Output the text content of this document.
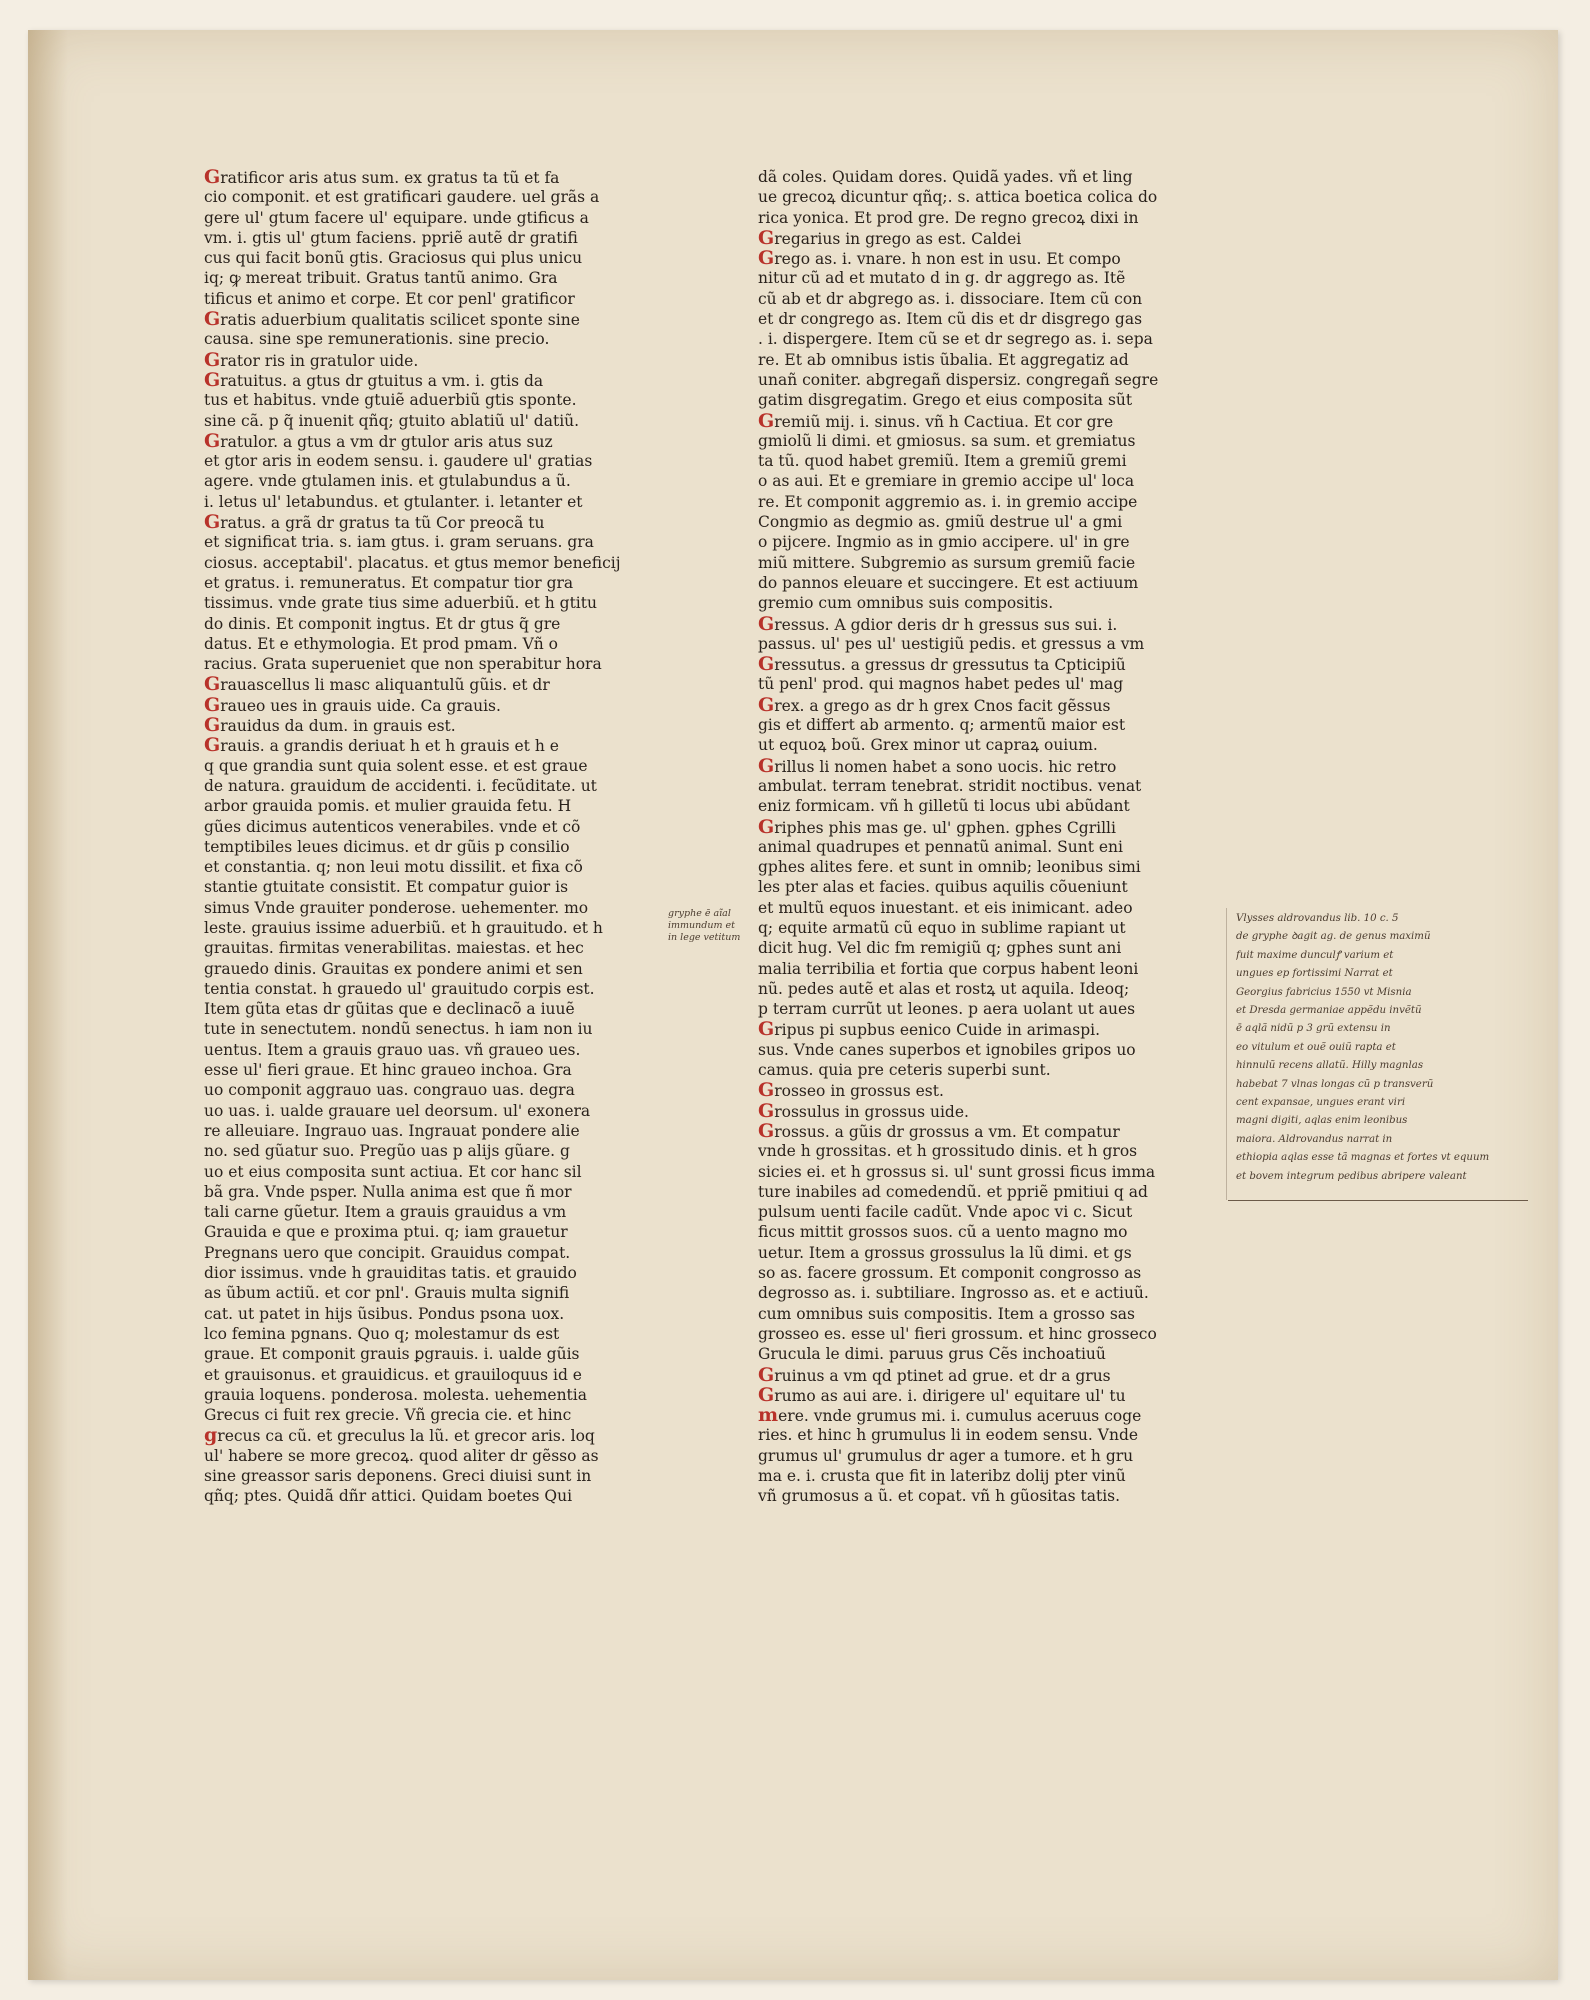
Gratificor aris atus sum. ex gratus ta tũ et fa
cio componit. et est gratificari gaudere. uel grãs a
gere ul' gtum facere ul' equipare. unde gtificus a
vm. i. gtis ul' gtum faciens. ppriẽ autẽ dr gratifi
cus qui facit bonũ gtis. Graciosus qui plus unicu
iq; ꝙ mereat tribuit. Gratus tantũ animo. Gra
tificus et animo et corpe. Et cor penl' gratificor
Gratis aduerbium qualitatis scilicet sponte sine
causa. sine spe remunerationis. sine precio.
Grator ris in gratulor uide.
Gratuitus. a gtus dr gtuitus a vm. i. gtis da
tus et habitus. vnde gtuiẽ aduerbiũ gtis sponte.
sine cã. p q̃ inuenit qñq; gtuito ablatiũ ul' datiũ.
Gratulor. a gtus a vm dr gtulor aris atus suz
et gtor aris in eodem sensu. i. gaudere ul' gratias
agere. vnde gtulamen inis. et gtulabundus a ũ.
i. letus ul' letabundus. et gtulanter. i. letanter et
Gratus. a grã dr gratus ta tũ Cor preocã tu
et significat tria. s. iam gtus. i. gram seruans. gra
ciosus. acceptabil'. placatus. et gtus memor beneficij
et gratus. i. remuneratus. Et compatur tior gra
tissimus. vnde grate tius sime aduerbiũ. et h gtitu
do dinis. Et componit ingtus. Et dr gtus q̃ gre
datus. Et e ethymologia. Et prod pmam. Vñ o
racius. Grata superueniet que non sperabitur hora
Grauascellus li masc aliquantulũ gũis. et dr
Graueo ues in grauis uide. Ca grauis.
Grauidus da dum. in grauis est.
Grauis. a grandis deriuat h et h grauis et h e
q que grandia sunt quia solent esse. et est graue
de natura. grauidum de accidenti. i. fecũditate. ut
arbor grauida pomis. et mulier grauida fetu. H
gũes dicimus autenticos venerabiles. vnde et cõ
temptibiles leues dicimus. et dr gũis p consilio
et constantia. q; non leui motu dissilit. et fixa cõ
stantie gtuitate consistit. Et compatur guior is
simus Vnde grauiter ponderose. uehementer. mo
leste. grauius issime aduerbiũ. et h grauitudo. et h
grauitas. firmitas venerabilitas. maiestas. et hec
grauedo dinis. Grauitas ex pondere animi et sen
tentia constat. h grauedo ul' grauitudo corpis est.
Item gũta etas dr gũitas que e declinacõ a iuuẽ
tute in senectutem. nondũ senectus. h iam non iu
uentus. Item a grauis grauo uas. vñ graueo ues.
esse ul' fieri graue. Et hinc graueo inchoa. Gra
uo componit aggrauo uas. congrauo uas. degra
uo uas. i. ualde grauare uel deorsum. ul' exonera
re alleuiare. Ingrauo uas. Ingrauat pondere alie
no. sed gũatur suo. Pregũo uas p alijs gũare. g
uo et eius composita sunt actiua. Et cor hanc sil
bã gra. Vnde psper. Nulla anima est que ñ mor
tali carne gũetur. Item a grauis grauidus a vm
Grauida e que e proxima ptui. q; iam grauetur
Pregnans uero que concipit. Grauidus compat.
dior issimus. vnde h grauiditas tatis. et grauido
as ũbum actiũ. et cor pnl'. Grauis multa signifi
cat. ut patet in hijs ũsibus. Pondus psona uox.
lco femina pgnans. Quo q; molestamur ds est
graue. Et componit grauis ꝑgrauis. i. ualde gũis
et grauisonus. et grauidicus. et grauiloquus id e
grauia loquens. ponderosa. molesta. uehementia
Grecus ci fuit rex grecie. Vñ grecia cie. et hinc
grecus ca cũ. et greculus la lũ. et grecor aris. loq
ul' habere se more grecoꝝ. quod aliter dr gẽsso as
sine greassor saris deponens. Greci diuisi sunt in
qñq; ptes. Quidã dñr attici. Quidam boetes Qui
dã coles. Quidam dores. Quidã yades. vñ et ling
ue grecoꝝ dicuntur qñq;. s. attica boetica colica do
rica yonica. Et prod gre. De regno grecoꝝ dixi in
Gregarius in grego as est. Caldei
Grego as. i. vnare. h non est in usu. Et compo
nitur cũ ad et mutato d in g. dr aggrego as. Itẽ
cũ ab et dr abgrego as. i. dissociare. Item cũ con
et dr congrego as. Item cũ dis et dr disgrego gas
. i. dispergere. Item cũ se et dr segrego as. i. sepa
re. Et ab omnibus istis ũbalia. Et aggregatiz ad
unañ coniter. abgregañ dispersiz. congregañ segre
gatim disgregatim. Grego et eius composita sũt
Gremiũ mij. i. sinus. vñ h Cactiua. Et cor gre
gmiolũ li dimi. et gmiosus. sa sum. et gremiatus
ta tũ. quod habet gremiũ. Item a gremiũ gremi
o as aui. Et e gremiare in gremio accipe ul' loca
re. Et componit aggremio as. i. in gremio accipe
Congmio as degmio as. gmiũ destrue ul' a gmi
o pijcere. Ingmio as in gmio accipere. ul' in gre
miũ mittere. Subgremio as sursum gremiũ facie
do pannos eleuare et succingere. Et est actiuum
gremio cum omnibus suis compositis.
Gressus. A gdior deris dr h gressus sus sui. i.
passus. ul' pes ul' uestigiũ pedis. et gressus a vm
Gressutus. a gressus dr gressutus ta Cpticipiũ
tũ penl' prod. qui magnos habet pedes ul' mag
Grex. a grego as dr h grex Cnos facit gẽssus
gis et differt ab armento. q; armentũ maior est
ut equoꝝ boũ. Grex minor ut capraꝝ ouium.
Grillus li nomen habet a sono uocis. hic retro
ambulat. terram tenebrat. stridit noctibus. venat
eniz formicam. vñ h gilletũ ti locus ubi abũdant
Griphes phis mas ge. ul' gphen. gphes Cgrilli
animal quadrupes et pennatũ animal. Sunt eni
gphes alites fere. et sunt in omnib; leonibus simi
les pter alas et facies. quibus aquilis cõueniunt
et multũ equos inuestant. et eis inimicant. adeo
q; equite armatũ cũ equo in sublime rapiant ut
dicit hug. Vel dic fm remigiũ q; gphes sunt ani
malia terribilia et fortia que corpus habent leoni
nũ. pedes autẽ et alas et rostꝝ ut aquila. Ideoq;
p terram currũt ut leones. p aera uolant ut aues
Gripus pi supbus eenico Cuide in arimaspi.
sus. Vnde canes superbos et ignobiles gripos uo
camus. quia pre ceteris superbi sunt.
Grosseo in grossus est.
Grossulus in grossus uide.
Grossus. a gũis dr grossus a vm. Et compatur
vnde h grossitas. et h grossitudo dinis. et h gros
sicies ei. et h grossus si. ul' sunt grossi ficus imma
ture inabiles ad comedendũ. et ppriẽ pmitiui q ad
pulsum uenti facile cadũt. Vnde apoc vi c. Sicut
ficus mittit grossos suos. cũ a uento magno mo
uetur. Item a grossus grossulus la lũ dimi. et gs
so as. facere grossum. Et componit congrosso as
degrosso as. i. subtiliare. Ingrosso as. et e actiuũ.
cum omnibus suis compositis. Item a grosso sas
grosseo es. esse ul' fieri grossum. et hinc grosseco
Grucula le dimi. paruus grus Cẽs inchoatiuũ
Gruinus a vm qd ptinet ad grue. et dr a grus
Grumo as aui are. i. dirigere ul' equitare ul' tu
mere. vnde grumus mi. i. cumulus aceruus coge
ries. et hinc h grumulus li in eodem sensu. Vnde
grumus ul' grumulus dr ager a tumore. et h gru
ma e. i. crusta que fit in lateribz dolij pter vinũ
vñ grumosus a ũ. et copat. vñ h gũositas tatis.
gryphe ē aĩal
immundum et
in lege vetitum
Vlysses aldrovandus lib. 10 c. 5
de gryphe ꝺagit ag. de genus maximũ
fuit maxime dunculꝭ varium et
ungues ep fortissimi Narrat et
Georgius fabricius 1550 vt Misnia
et Dresda germaniae appẽdu invẽtũ
ē aqlã nidũ p 3 grũ extensu in
eo vitulum et ouẽ ouiũ rapta et
hinnulũ recens allatũ. Hilly magnlas
habebat 7 vlnas longas cũ p transverũ
cent expansae, ungues erant viri
magni digiti, aqlas enim leonibus
maiora. Aldrovandus narrat in
ethiopia aqlas esse tã magnas et fortes vt equum
et bovem integrum pedibus abripere valeant
